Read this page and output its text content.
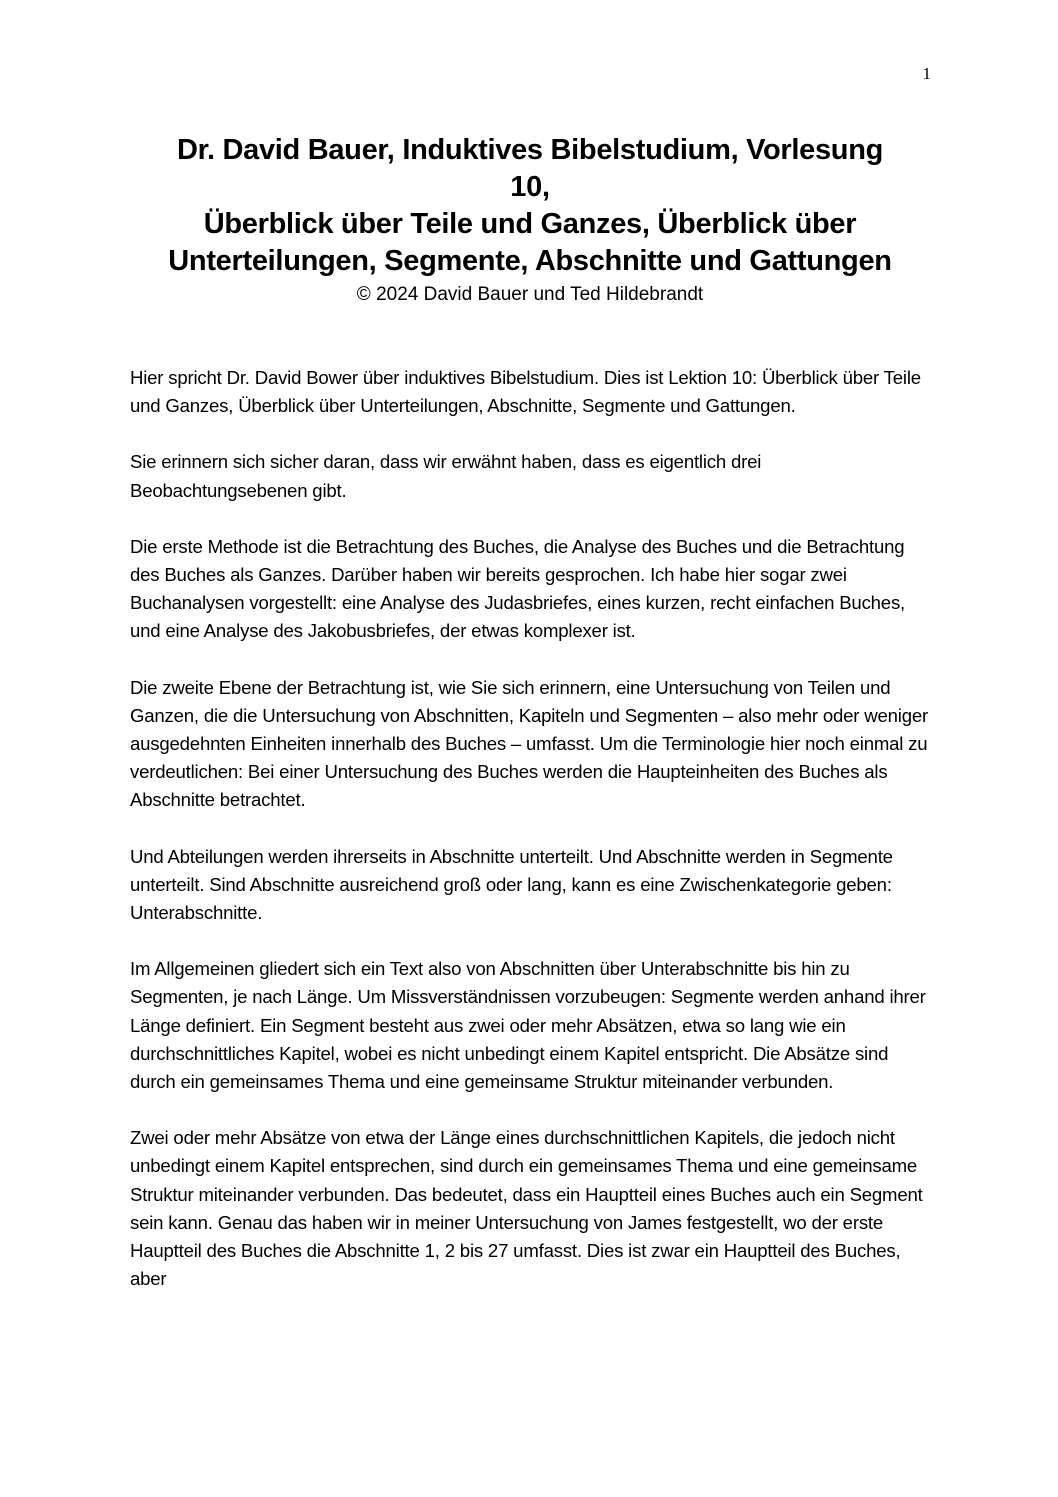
1

Dr. David Bauer, Induktives Bibelstudium, Vorlesung

10,

Überblick über Teile und Ganzes, Überblick über

Unterteilungen, Segmente, Abschnitte und Gattungen

© 2024 David Bauer und Ted Hildebrandt

Hier spricht Dr. David Bower über induktives Bibelstudium. Dies ist Lektion 10: Überblick über Teile und Ganzes, Überblick über Unterteilungen, Abschnitte, Segmente und Gattungen.

Sie erinnern sich sicher daran, dass wir erwähnt haben, dass es eigentlich drei Beobachtungsebenen gibt.

Die erste Methode ist die Betrachtung des Buches, die Analyse des Buches und die Betrachtung des Buches als Ganzes. Darüber haben wir bereits gesprochen. Ich habe hier sogar zwei Buchanalysen vorgestellt: eine Analyse des Judasbriefes, eines kurzen, recht einfachen Buches, und eine Analyse des Jakobusbriefes, der etwas komplexer ist.

Die zweite Ebene der Betrachtung ist, wie Sie sich erinnern, eine Untersuchung von Teilen und Ganzen, die die Untersuchung von Abschnitten, Kapiteln und Segmenten – also mehr oder weniger ausgedehnten Einheiten innerhalb des Buches – umfasst. Um die Terminologie hier noch einmal zu verdeutlichen: Bei einer Untersuchung des Buches werden die Haupteinheiten des Buches als Abschnitte betrachtet.

Und Abteilungen werden ihrerseits in Abschnitte unterteilt. Und Abschnitte werden in Segmente unterteilt. Sind Abschnitte ausreichend groß oder lang, kann es eine Zwischenkategorie geben: Unterabschnitte.

Im Allgemeinen gliedert sich ein Text also von Abschnitten über Unterabschnitte bis hin zu Segmenten, je nach Länge. Um Missverständnissen vorzubeugen: Segmente werden anhand ihrer Länge definiert. Ein Segment besteht aus zwei oder mehr Absätzen, etwa so lang wie ein durchschnittliches Kapitel, wobei es nicht unbedingt einem Kapitel entspricht. Die Absätze sind durch ein gemeinsames Thema und eine gemeinsame Struktur miteinander verbunden.

Zwei oder mehr Absätze von etwa der Länge eines durchschnittlichen Kapitels, die jedoch nicht unbedingt einem Kapitel entsprechen, sind durch ein gemeinsames Thema und eine gemeinsame Struktur miteinander verbunden. Das bedeutet, dass ein Hauptteil eines Buches auch ein Segment sein kann. Genau das haben wir in meiner Untersuchung von James festgestellt, wo der erste Hauptteil des Buches die Abschnitte 1, 2 bis 27 umfasst. Dies ist zwar ein Hauptteil des Buches, aber
